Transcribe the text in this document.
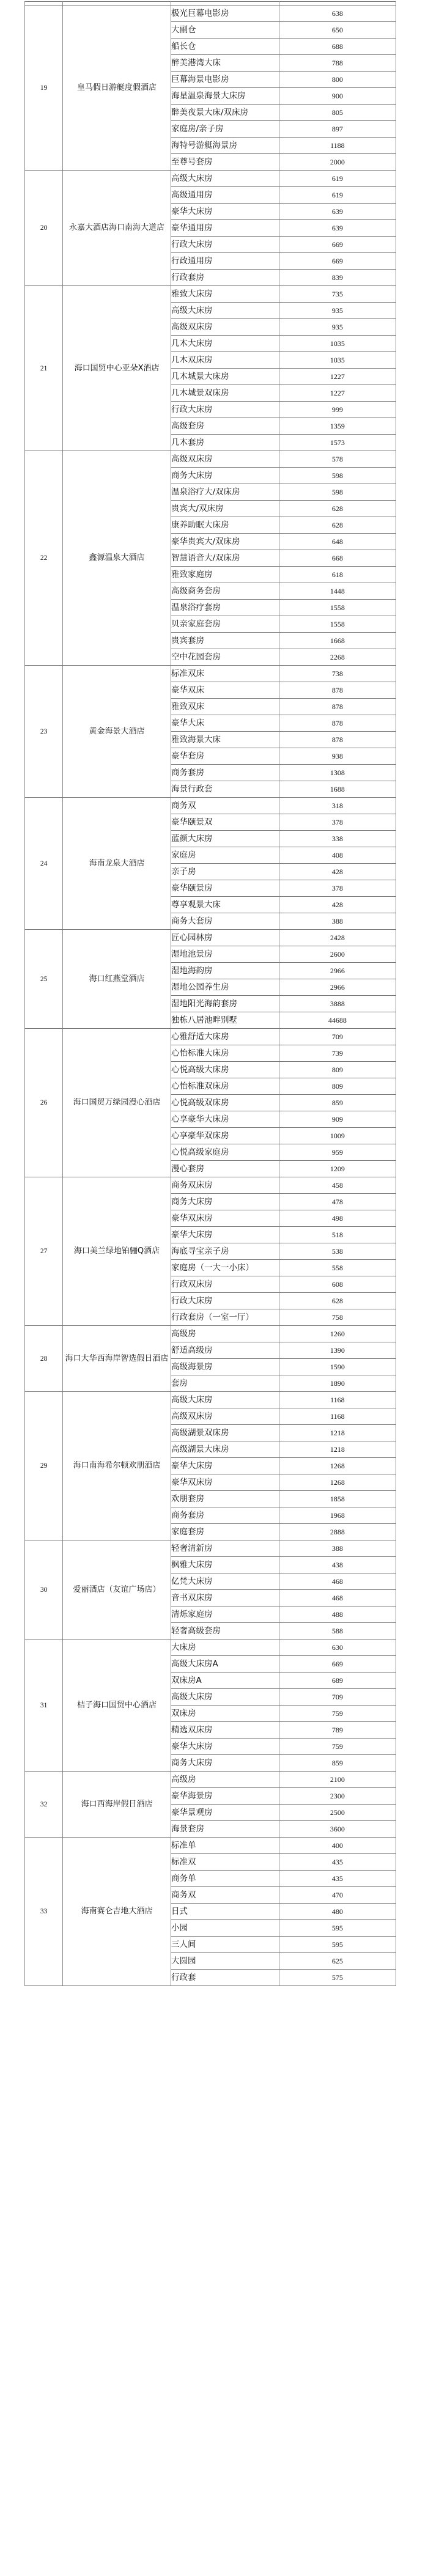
19	皇马假日游艇度假酒店	极光巨幕电影房	638
		大副仓	650
		船长仓	688
		醉美港湾大床	788
		巨幕海景电影房	800
		海星温泉海景大床房	900
		醉美夜景大床/双床房	805
		家庭房/亲子房	897
		海特号游艇海景房	1188
		至尊号套房	2000
20	永嘉大酒店海口南海大道店	高级大床房	619
		高级通用房	619
		豪华大床房	639
		豪华通用房	639
		行政大床房	669
		行政通用房	669
		行政套房	839
21	海口国贸中心亚朵X酒店	雅致大床房	735
		高级大床房	935
		高级双床房	935
		几木大床房	1035
		几木双床房	1035
		几木城景大床房	1227
		几木城景双床房	1227
		行政大床房	999
		高级套房	1359
		几木套房	1573
22	鑫源温泉大酒店	高级双床房	578
		商务大床房	598
		温泉浴疗大/双床房	598
		贵宾大/双床房	628
		康养助眠大床房	628
		豪华贵宾大/双床房	648
		智慧语音大/双床房	668
		雅致家庭房	618
		高级商务套房	1448
		温泉浴疗套房	1558
		贝亲家庭套房	1558
		贵宾套房	1668
		空中花园套房	2268
23	黄金海景大酒店	标准双床	738
		豪华双床	878
		雅致双床	878
		豪华大床	878
		雅致海景大床	878
		豪华套房	938
		商务套房	1308
		海景行政套	1688
24	海南龙泉大酒店	商务双	318
		豪华颐景双	378
		蓝颜大床房	338
		家庭房	408
		亲子房	428
		豪华颐景房	378
		尊享观景大床	428
		商务大套房	388
25	海口红燕堂酒店	匠心园林房	2428
		湿地池景房	2600
		湿地海韵房	2966
		湿地公园养生房	2966
		湿地阳光海韵套房	3888
		独栋八居池畔别墅	44688
26	海口国贸万绿园漫心酒店	心雅舒适大床房	709
		心怡标准大床房	739
		心悦高级大床房	809
		心怡标准双床房	809
		心悦高级双床房	859
		心享豪华大床房	909
		心享豪华双床房	1009
		心悦高级家庭房	959
		漫心套房	1209
27	海口美兰绿地铂骊Q酒店	商务双床房	458
		商务大床房	478
		豪华双床房	498
		豪华大床房	518
		海底寻宝亲子房	538
		家庭房（一大一小床）	558
		行政双床房	608
		行政大床房	628
		行政套房（一室一厅）	758
28	海口大华西海岸智选假日酒店	高级房	1260
		舒适高级房	1390
		高级海景房	1590
		套房	1890
29	海口南海希尔顿欢朋酒店	高级大床房	1168
		高级双床房	1168
		高级湖景双床房	1218
		高级湖景大床房	1218
		豪华大床房	1268
		豪华双床房	1268
		欢朋套房	1858
		商务套房	1968
		家庭套房	2888
30	爱丽酒店（友谊广场店）	轻奢清新房	388
		枫雅大床房	438
		亿梵大床房	468
		音书双床房	468
		清烁家庭房	488
		轻奢高级套房	588
31	桔子海口国贸中心酒店	大床房	630
		高级大床房A	669
		双床房A	689
		高级大床房	709
		双床房	759
		精选双床房	789
		豪华大床房	759
		商务大床房	859
32	海口西海岸假日酒店	高级房	2100
		豪华海景房	2300
		豪华景观房	2500
		海景套房	3600
33	海南赛仑吉地大酒店	标准单	400
		标准双	435
		商务单	435
		商务双	470
		日式	480
		小园	595
		三人间	595
		大圆园	625
		行政套	575
